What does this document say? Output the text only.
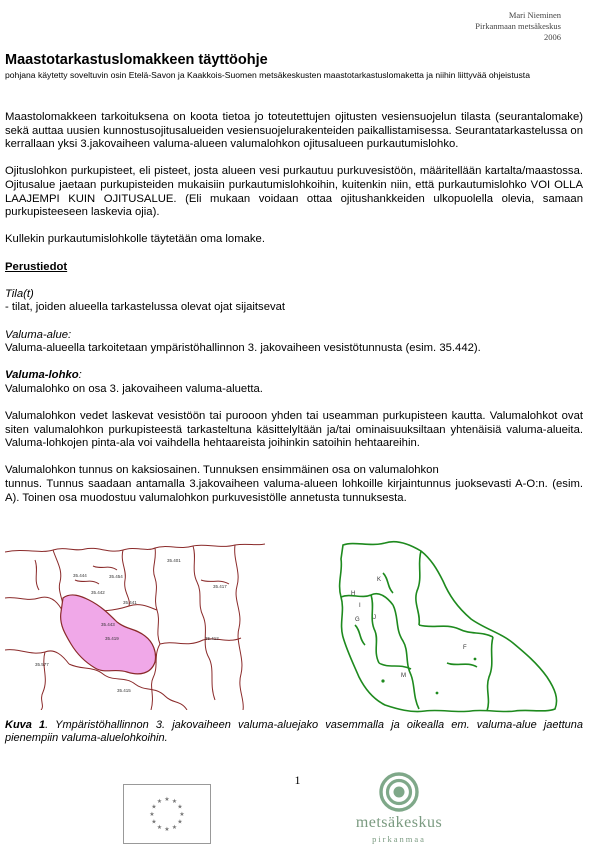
Mari Nieminen
Pirkanmaan metsäkeskus
2006
Maastotarkastuslomakkeen täyttöohje

pohjana käytetty soveltuvin osin Etelä-Savon ja Kaakkois-Suomen metsäkeskusten maastotarkastuslomaketta ja niihin liittyvää ohjeistusta

Maastolomakkeen tarkoituksena on koota tietoa jo toteutettujen ojitusten vesiensuojelun tilasta (seurantalomake) sekä auttaa uusien kunnostusojitusalueiden vesiensuojelurakenteiden paikallistamisessa. Seurantatarkastelussa on kerrallaan yksi 3.jakovaiheen valuma-alueen valumalohkon ojitusalueen purkautumislohko.

Ojituslohkon purkupisteet, eli pisteet, josta alueen vesi purkautuu purkuvesistöön, määritellään kartalta/maastossa. Ojitusalue jaetaan purkupisteiden mukaisiin purkautumislohkoihin, kuitenkin niin, että purkautumislohko VOI OLLA LAAJEMPI KUIN OJITUSALUE. (Eli mukaan voidaan ottaa ojitushankkeiden ulkopuolella olevia, samaan purkupisteeseen laskevia ojia).

Kullekin purkautumislohkolle täytetään oma lomake.

Perustiedot

Tila(t)

- tilat, joiden alueella tarkastelussa olevat ojat sijaitsevat

Valuma-alue:

Valuma-alueella tarkoitetaan ympäristöhallinnon 3. jakovaiheen vesistötunnusta (esim. 35.442).

Valuma-lohko:

Valumalohko on osa 3. jakovaiheen valuma-aluetta.

Valumalohkon vedet laskevat vesistöön tai purooon yhden tai useamman purkupisteen kautta. Valumalohkot ovat siten valumalohkon purkupisteestä tarkasteltuna käsittelyltään ja/tai ominaisuuksiltaan yhtenäisiä valuma-alueita. Valuma-lohkojen pinta-ala voi vaihdella hehtaareista joihinkin satoihin hehtaareihin.

Valumalohkon tunnus on kaksiosainen. Tunnuksen ensimmäinen osa on valumalohkon

tunnus. Tunnus saadaan antamalla 3.jakovaiheen valuma-alueen lohkoille kirjaintunnus juoksevasti A-O:n. (esim. A). Toinen osa muodostuu valumalohkon purkuvesistölle annetusta tunnuksesta.

35.401
35.444	35.454
35.442
35.441
35.443
35.417
35.419	35.412
35.577
35.415
K
H
I
G J
F
M

Kuva 1. Ympäristöhallinnon 3. jakovaiheen valuma-aluejako vasemmalla ja oikealla em. valuma-alue jaettuna pienempiin valuma-aluelohkoihin.

1
★ ★
★
★
★
★
★
★
★
★
★
★
metsäkeskus
pirkanmaa
